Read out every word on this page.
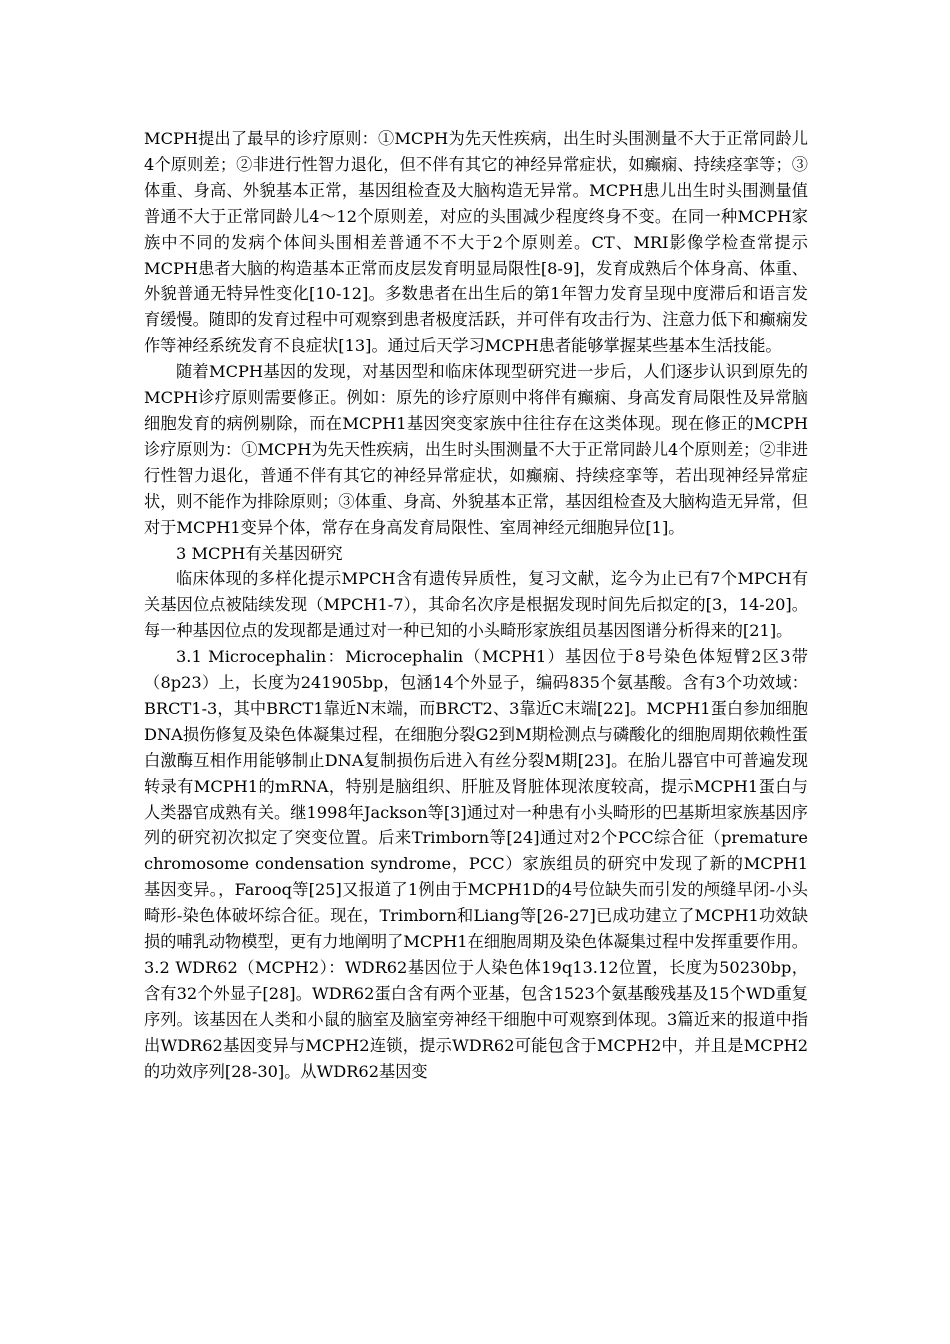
MCPH提出了最早的诊疗原则：①MCPH为先天性疾病，出生时头围测量不大于正常同龄儿4个原则差；②非进行性智力退化，但不伴有其它的神经异常症状，如癫痫、持续痉挛等；③体重、身高、外貌基本正常，基因组检查及大脑构造无异常。MCPH患儿出生时头围测量值普通不大于正常同龄儿4～12个原则差，对应的头围减少程度终身不变。在同一种MCPH家族中不同的发病个体间头围相差普通不不大于2个原则差。CT、MRI影像学检查常提示MCPH患者大脑的构造基本正常而皮层发育明显局限性[8-9]，发育成熟后个体身高、体重、外貌普通无特异性变化[10-12]。多数患者在出生后的第1年智力发育呈现中度滞后和语言发育缓慢。随即的发育过程中可观察到患者极度活跃，并可伴有攻击行为、注意力低下和癫痫发作等神经系统发育不良症状[13]。通过后天学习MCPH患者能够掌握某些基本生活技能。

随着MCPH基因的发现，对基因型和临床体现型研究进一步后，人们逐步认识到原先的MCPH诊疗原则需要修正。例如：原先的诊疗原则中将伴有癫痫、身高发育局限性及异常脑细胞发育的病例剔除，而在MCPH1基因突变家族中往往存在这类体现。现在修正的MCPH诊疗原则为：①MCPH为先天性疾病，出生时头围测量不大于正常同龄儿4个原则差；②非进行性智力退化，普通不伴有其它的神经异常症状，如癫痫、持续痉挛等，若出现神经异常症状，则不能作为排除原则；③体重、身高、外貌基本正常，基因组检查及大脑构造无异常，但对于MCPH1变异个体，常存在身高发育局限性、室周神经元细胞异位[1]。

3 MCPH有关基因研究

临床体现的多样化提示MPCH含有遗传异质性，复习文献，迄今为止已有7个MPCH有关基因位点被陆续发现（MPCH1-7），其命名次序是根据发现时间先后拟定的[3，14-20]。每一种基因位点的发现都是通过对一种已知的小头畸形家族组员基因图谱分析得来的[21]。

3.1 Microcephalin：Microcephalin（MCPH1）基因位于8号染色体短臂2区3带（8p23）上，长度为241905bp，包涵14个外显子，编码835个氨基酸。含有3个功效域：BRCT1-3，其中BRCT1靠近N末端，而BRCT2、3靠近C末端[22]。MCPH1蛋白参加细胞DNA损伤修复及染色体凝集过程，在细胞分裂G2到M期检测点与磷酸化的细胞周期依赖性蛋白激酶互相作用能够制止DNA复制损伤后进入有丝分裂M期[23]。在胎儿器官中可普遍发现转录有MCPH1的mRNA，特别是脑组织、肝脏及肾脏体现浓度较高，提示MCPH1蛋白与人类器官成熟有关。继1998年Jackson等[3]通过对一种患有小头畸形的巴基斯坦家族基因序列的研究初次拟定了突变位置。后来Trimborn等[24]通过对2个PCC综合征（premature chromosome condensation syndrome，PCC）家族组员的研究中发现了新的MCPH1基因变异。，Farooq等[25]又报道了1例由于MCPH1D的4号位缺失而引发的颅缝早闭-小头畸形-染色体破坏综合征。现在，Trimborn和Liang等[26-27]已成功建立了MCPH1功效缺损的哺乳动物模型，更有力地阐明了MCPH1在细胞周期及染色体凝集过程中发挥重要作用。3.2 WDR62（MCPH2）：WDR62基因位于人染色体19q13.12位置，长度为50230bp，含有32个外显子[28]。WDR62蛋白含有两个亚基，包含1523个氨基酸残基及15个WD重复序列。该基因在人类和小鼠的脑室及脑室旁神经干细胞中可观察到体现。3篇近来的报道中指出WDR62基因变异与MCPH2连锁，提示WDR62可能包含于MCPH2中，并且是MCPH2的功效序列[28-30]。从WDR62基因变
